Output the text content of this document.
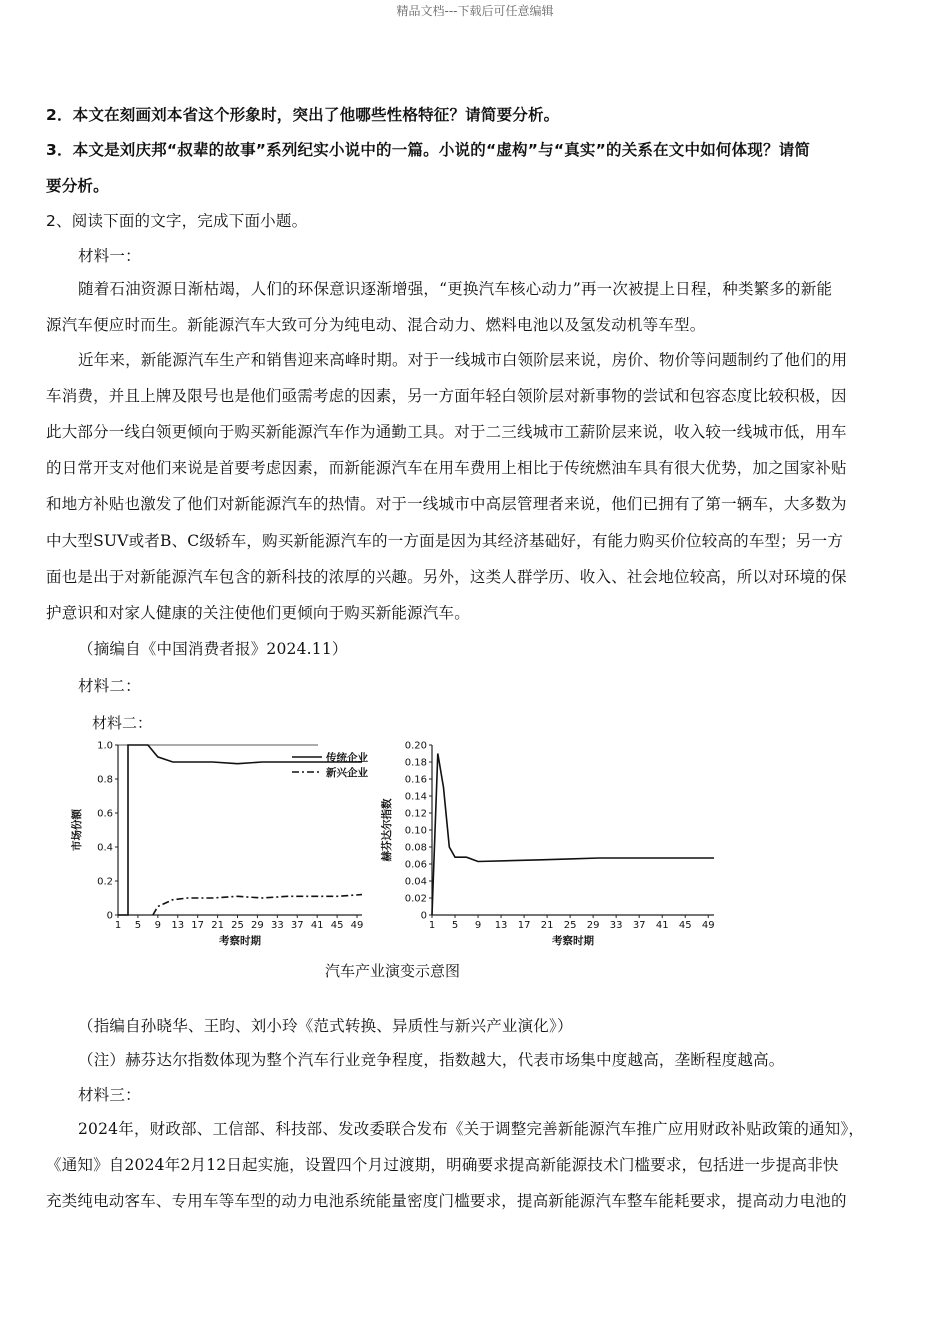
精品文档---下载后可任意编辑
2．本文在刻画刘本省这个形象时，突出了他哪些性格特征？请简要分析。
3．本文是刘庆邦“叔辈的故事”系列纪实小说中的一篇。小说的“虚构”与“真实”的关系在文中如何体现？请简
要分析。
2、阅读下面的文字，完成下面小题。
材料一：
随着石油资源日渐枯竭，人们的环保意识逐渐增强，“更换汽车核心动力”再一次被提上日程，种类繁多的新能
源汽车便应时而生。新能源汽车大致可分为纯电动、混合动力、燃料电池以及氢发动机等车型。
近年来，新能源汽车生产和销售迎来高峰时期。对于一线城市白领阶层来说，房价、物价等问题制约了他们的用
车消费，并且上牌及限号也是他们亟需考虑的因素，另一方面年轻白领阶层对新事物的尝试和包容态度比较积极，因
此大部分一线白领更倾向于购买新能源汽车作为通勤工具。对于二三线城市工薪阶层来说，收入较一线城市低，用车
的日常开支对他们来说是首要考虑因素，而新能源汽车在用车费用上相比于传统燃油车具有很大优势，加之国家补贴
和地方补贴也激发了他们对新能源汽车的热情。对于一线城市中高层管理者来说，他们已拥有了第一辆车，大多数为
中大型SUV或者B、C级轿车，购买新能源汽车的一方面是因为其经济基础好，有能力购买价位较高的车型；另一方
面也是出于对新能源汽车包含的新科技的浓厚的兴趣。另外，这类人群学历、收入、社会地位较高，所以对环境的保
护意识和对家人健康的关注使他们更倾向于购买新能源汽车。
（摘编自《中国消费者报》2024.11）
材料二：
材料二：
1 5 9 13 17 21 25 29 33 37 41 45 49
0
0.2
0.4
0.6
0.8
1.0
考察时期
市场份额
传统企业
新兴企业
1 5 9 13 17 21 25 29 33 37 41 45 49
0
0.02
0.04
0.06
0.08
0.10
0.12
0.14
0.16
0.18
0.20
考察时期
赫芬达尔指数
汽车产业演变示意图
（指编自孙晓华、王昀、刘小玲《范式转换、异质性与新兴产业演化》）
（注）赫芬达尔指数体现为整个汽车行业竞争程度，指数越大，代表市场集中度越高，垄断程度越高。
材料三：
2024年，财政部、工信部、科技部、发改委联合发布《关于调整完善新能源汽车推广应用财政补贴政策的通知》，
《通知》自2024年2月12日起实施，设置四个月过渡期，明确要求提高新能源技术门槛要求，包括进一步提高非快
充类纯电动客车、专用车等车型的动力电池系统能量密度门槛要求，提高新能源汽车整车能耗要求，提高动力电池的
